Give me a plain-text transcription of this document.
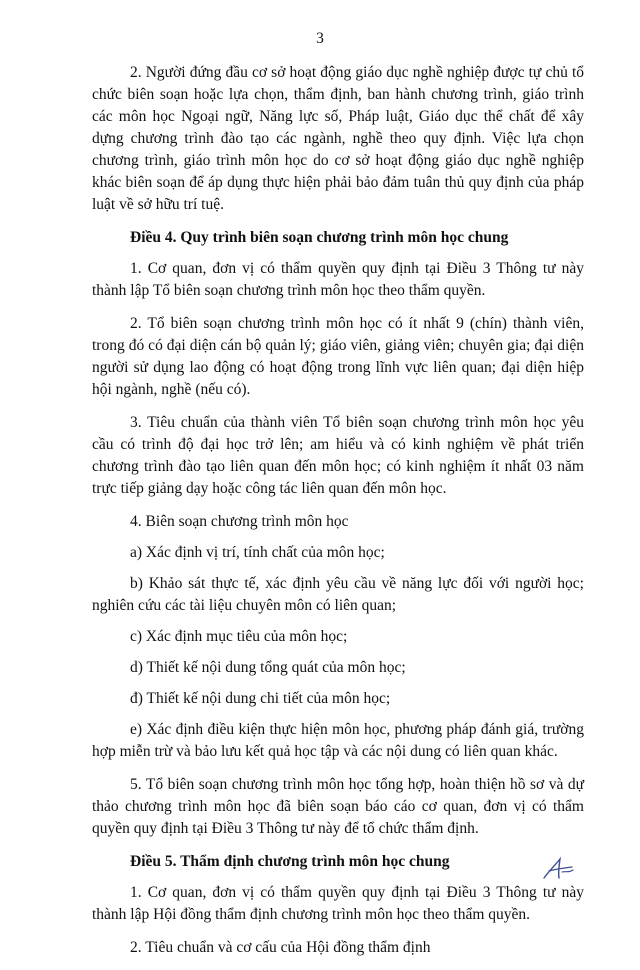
3

2. Người đứng đầu cơ sở hoạt động giáo dục nghề nghiệp được tự chủ tổ chức biên soạn hoặc lựa chọn, thẩm định, ban hành chương trình, giáo trình các môn học Ngoại ngữ, Năng lực số, Pháp luật, Giáo dục thể chất để xây dựng chương trình đào tạo các ngành, nghề theo quy định. Việc lựa chọn chương trình, giáo trình môn học do cơ sở hoạt động giáo dục nghề nghiệp khác biên soạn để áp dụng thực hiện phải bảo đảm tuân thủ quy định của pháp luật về sở hữu trí tuệ.

Điều 4. Quy trình biên soạn chương trình môn học chung

1. Cơ quan, đơn vị có thẩm quyền quy định tại Điều 3 Thông tư này thành lập Tổ biên soạn chương trình môn học theo thẩm quyền.

2. Tổ biên soạn chương trình môn học có ít nhất 9 (chín) thành viên, trong đó có đại diện cán bộ quản lý; giáo viên, giảng viên; chuyên gia; đại diện người sử dụng lao động có hoạt động trong lĩnh vực liên quan; đại diện hiệp hội ngành, nghề (nếu có).

3. Tiêu chuẩn của thành viên Tổ biên soạn chương trình môn học yêu cầu có trình độ đại học trở lên; am hiểu và có kinh nghiệm về phát triển chương trình đào tạo liên quan đến môn học; có kinh nghiệm ít nhất 03 năm trực tiếp giảng dạy hoặc công tác liên quan đến môn học.

4. Biên soạn chương trình môn học

a) Xác định vị trí, tính chất của môn học;

b) Khảo sát thực tế, xác định yêu cầu về năng lực đối với người học; nghiên cứu các tài liệu chuyên môn có liên quan;

c) Xác định mục tiêu của môn học;

d) Thiết kế nội dung tổng quát của môn học;

đ) Thiết kế nội dung chi tiết của môn học;

e) Xác định điều kiện thực hiện môn học, phương pháp đánh giá, trường hợp miễn trừ và bảo lưu kết quả học tập và các nội dung có liên quan khác.

5. Tổ biên soạn chương trình môn học tổng hợp, hoàn thiện hồ sơ và dự thảo chương trình môn học đã biên soạn báo cáo cơ quan, đơn vị có thẩm quyền quy định tại Điều 3 Thông tư này để tổ chức thẩm định.

Điều 5. Thẩm định chương trình môn học chung

1. Cơ quan, đơn vị có thẩm quyền quy định tại Điều 3 Thông tư này thành lập Hội đồng thẩm định chương trình môn học theo thẩm quyền.

2. Tiêu chuẩn và cơ cấu của Hội đồng thẩm định
